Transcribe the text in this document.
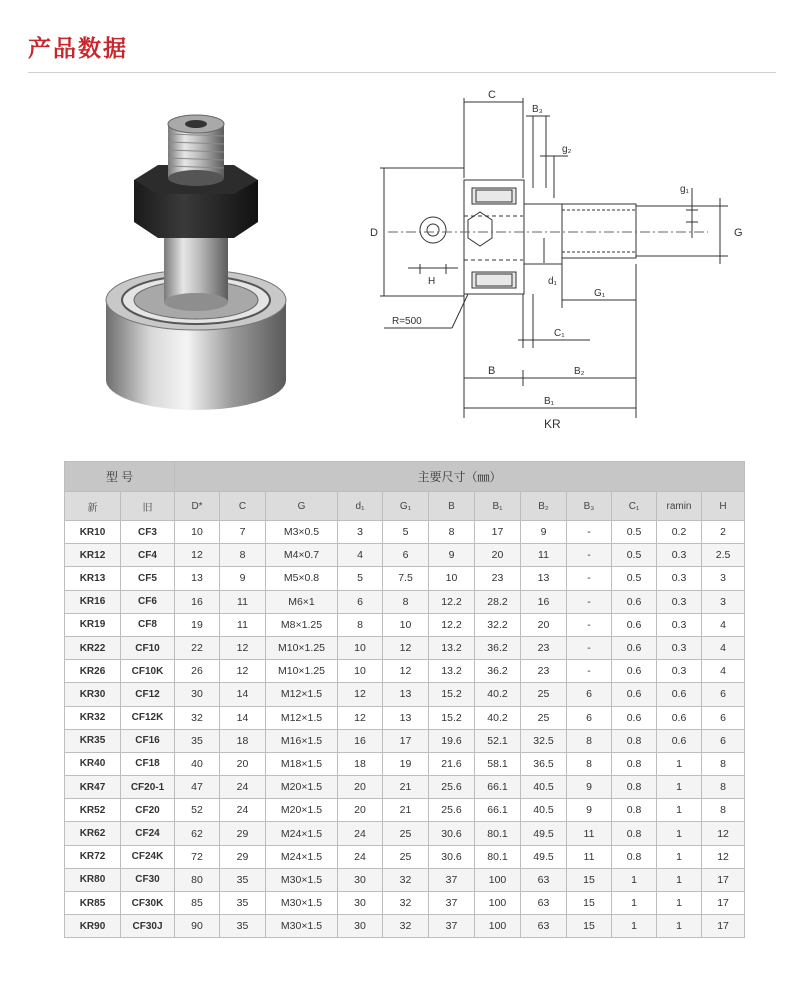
产品数据
C
B₃
g₂
g₁
G
D
H	d₁
G₁
R=500
C₁
B	B₂
B₁
KR
型 号		主要尺寸（㎜）											
新	旧	D*	C	G	d₁	G₁	B	B₁	B₂	B₃	C₁	ramin	H
KR10	CF3	10	7	M3×0.5	3	5	8	17	9	-	0.5	0.2	2
KR12	CF4	12	8	M4×0.7	4	6	9	20	11	-	0.5	0.3	2.5
KR13	CF5	13	9	M5×0.8	5	7.5	10	23	13	-	0.5	0.3	3
KR16	CF6	16	11	M6×1	6	8	12.2	28.2	16	-	0.6	0.3	3
KR19	CF8	19	11	M8×1.25	8	10	12.2	32.2	20	-	0.6	0.3	4
KR22	CF10	22	12	M10×1.25	10	12	13.2	36.2	23	-	0.6	0.3	4
KR26	CF10K	26	12	M10×1.25	10	12	13.2	36.2	23	-	0.6	0.3	4
KR30	CF12	30	14	M12×1.5	12	13	15.2	40.2	25	6	0.6	0.6	6
KR32	CF12K	32	14	M12×1.5	12	13	15.2	40.2	25	6	0.6	0.6	6
KR35	CF16	35	18	M16×1.5	16	17	19.6	52.1	32.5	8	0.8	0.6	6
KR40	CF18	40	20	M18×1.5	18	19	21.6	58.1	36.5	8	0.8	1	8
KR47	CF20-1	47	24	M20×1.5	20	21	25.6	66.1	40.5	9	0.8	1	8
KR52	CF20	52	24	M20×1.5	20	21	25.6	66.1	40.5	9	0.8	1	8
KR62	CF24	62	29	M24×1.5	24	25	30.6	80.1	49.5	11	0.8	1	12
KR72	CF24K	72	29	M24×1.5	24	25	30.6	80.1	49.5	11	0.8	1	12
KR80	CF30	80	35	M30×1.5	30	32	37	100	63	15	1	1	17
KR85	CF30K	85	35	M30×1.5	30	32	37	100	63	15	1	1	17
KR90	CF30J	90	35	M30×1.5	30	32	37	100	63	15	1	1	17
